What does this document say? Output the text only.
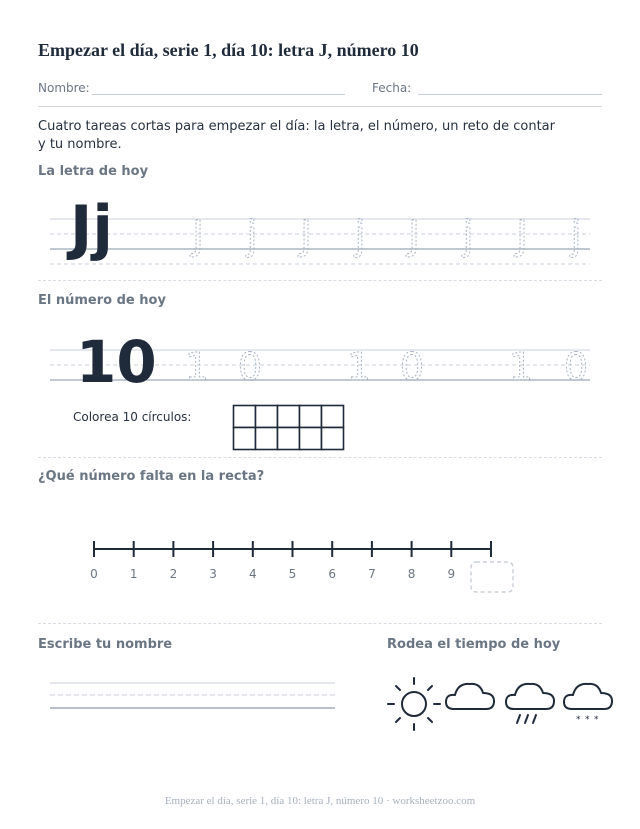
Empezar el día, serie 1, día 10: letra J, número 10
Nombre:	Fecha:
Cuatro tareas cortas para empezar el día: la letra, el número, un reto de contar y tu nombre.
La letra de hoy
J j J j J j J j
Jj
El número de hoy
1 0 1 0 1 0
10
Colorea 10 círculos:
¿Qué número falta en la recta?
0	1	2	3	4	5	6	7	8	9
Escribe tu nombre	Rodea el tiempo de hoy
* * *
Empezar el día, serie 1, día 10: letra J, número 10 · worksheetzoo.com
